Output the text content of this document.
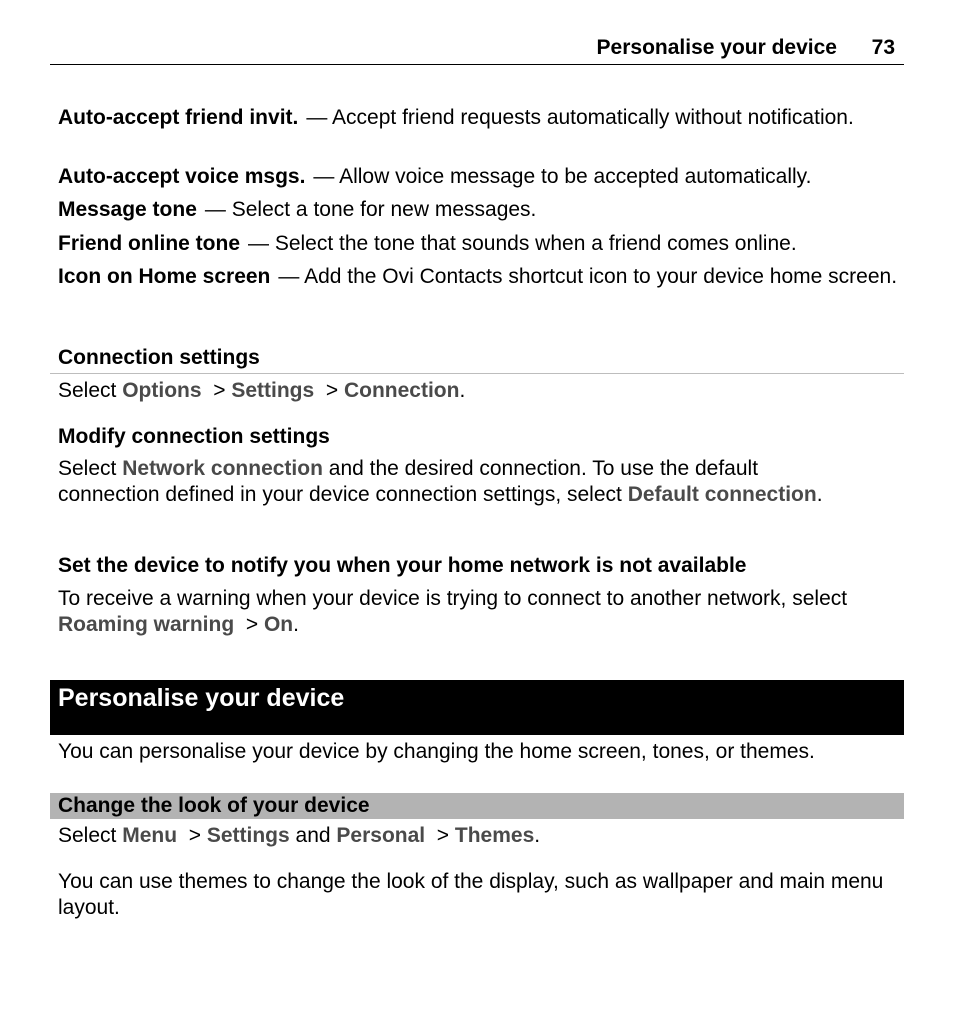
Personalise your device 73

Auto-accept friend invit. — Accept friend requests automatically without notification.

Auto-accept voice msgs. — Allow voice message to be accepted automatically.

Message tone — Select a tone for new messages.

Friend online tone — Select the tone that sounds when a friend comes online.

Icon on Home screen — Add the Ovi Contacts shortcut icon to your device home screen.

Connection settings

Select Options > Settings > Connection.

Modify connection settings

Select Network connection and the desired connection. To use the default connection defined in your device connection settings, select Default connection.

Set the device to notify you when your home network is not available

To receive a warning when your device is trying to connect to another network, select Roaming warning > On.

Personalise your device

You can personalise your device by changing the home screen, tones, or themes.

Change the look of your device

Select Menu > Settings and Personal > Themes.

You can use themes to change the look of the display, such as wallpaper and main menu layout.
